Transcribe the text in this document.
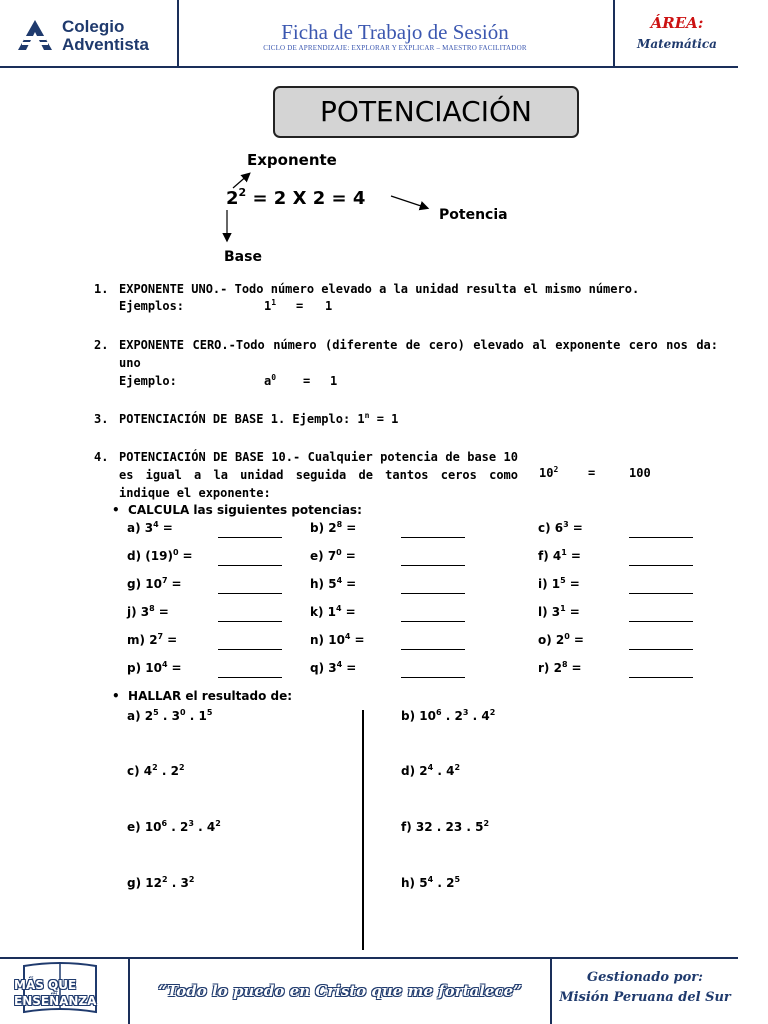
Colegio
Adventista
Ficha de Trabajo de Sesión
CICLO DE APRENDIZAJE: EXPLORAR Y EXPLICAR – MAESTRO FACILITADOR
ÁREA:
Matemática
POTENCIACIÓN
Exponente
$2^2 = 2$ X 2 = 4
Potencia
Base
1. EXPONENTE UNO.- Todo número elevado a la unidad resulta el mismo número.
Ejemplos:	$1^1 = 1$
2. EXPONENTE CERO.-Todo número (diferente de cero) elevado al exponente cero nos da: uno
Ejemplo:	$a^0 = 1$
3. POTENCIACIÓN DE BASE 1. Ejemplo: $1^n = 1$
4. POTENCIACIÓN DE BASE 10.- Cualquier potencia de base 10 es igual a la unidad seguida de tantos ceros como indique el exponente:
$10^2$ =	100
•  CALCULA las siguientes potencias:
a) $3^4=$	b) $2^8=$	c) $6^3=$
d) $(19)^0$ =	e) $7^0=$	f) $4^1=$
g) $10^7=$	h) $5^4=$	i) $1^5=$
j) $3^8=$	k) $1^4=$	l) $3^1=$
m) $2^7=$	n) $10^4=$	o) $2^0=$
p) $10^4=$	q) $3^4=$	r) $2^8=$
•  HALLAR el resultado de:
a) $2^5$ . $3^0$ . $1^5$	b) $10^6$ . $2^3$ . $4^2$
c) $4^2$ . $2^2$	d) $2^4$ . $4^2$
e) $10^6$ . $2^3$ . $4^2$	f) 32 . 23 . $5^2$
g) $12^2$ . $3^2$	h) $5^4$ . $2^5$
MÁS QUE
ENSEÑANZA
“Todo lo puedo en Cristo que me fortalece”
Gestionado por:
Misión Peruana del Sur
